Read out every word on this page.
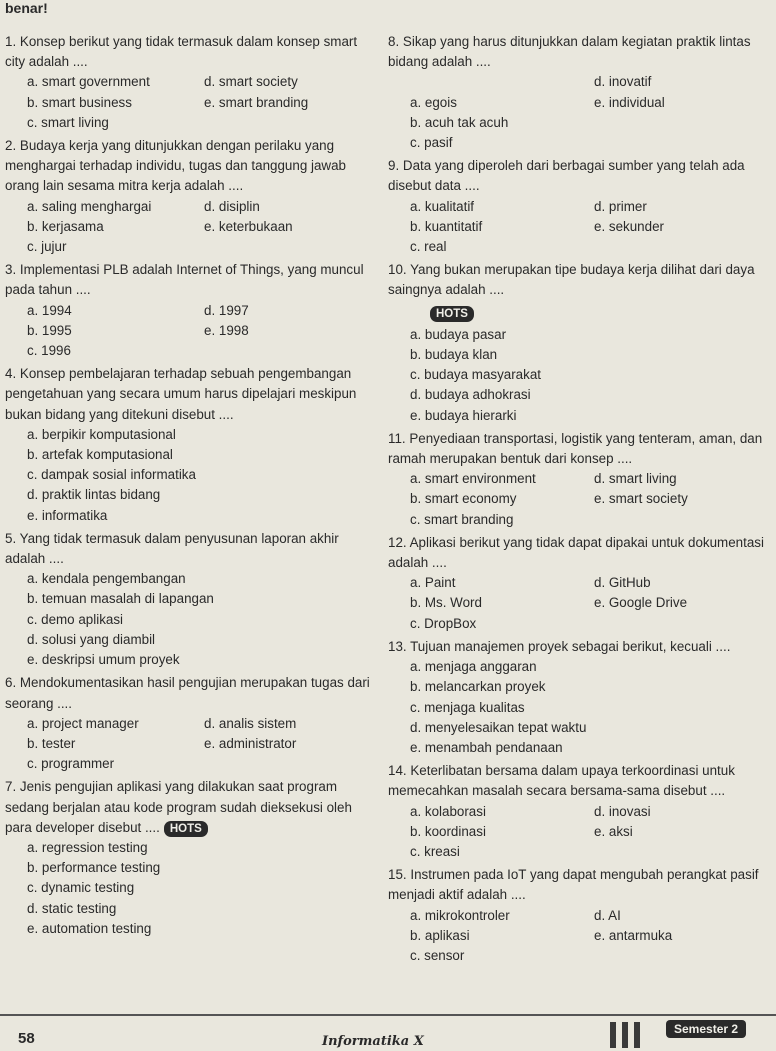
benar!
1. Konsep berikut yang tidak termasuk dalam konsep smart city adalah ....
a. smart government	d. smart society
b. smart business	e. smart branding
c. smart living
2. Budaya kerja yang ditunjukkan dengan perilaku yang menghargai terhadap individu, tugas dan tanggung jawab orang lain sesama mitra kerja adalah ....
a. saling menghargai	d. disiplin
b. kerjasama	e. keterbukaan
c. jujur
3. Implementasi PLB adalah Internet of Things, yang muncul pada tahun ....
a. 1994	d. 1997
b. 1995	e. 1998
c. 1996
4. Konsep pembelajaran terhadap sebuah pengembangan pengetahuan yang secara umum harus dipelajari meskipun bukan bidang yang ditekuni disebut ....
a. berpikir komputasional
b. artefak komputasional
c. dampak sosial informatika
d. praktik lintas bidang
e. informatika
5. Yang tidak termasuk dalam penyusunan laporan akhir adalah ....
a. kendala pengembangan
b. temuan masalah di lapangan
c. demo aplikasi
d. solusi yang diambil
e. deskripsi umum proyek
6. Mendokumentasikan hasil pengujian merupakan tugas dari seorang ....
a. project manager	d. analis sistem
b. tester	e. administrator
c. programmer
7. Jenis pengujian aplikasi yang dilakukan saat program sedang berjalan atau kode program sudah dieksekusi oleh para developer disebut .... HOTS
a. regression testing
b. performance testing
c. dynamic testing
d. static testing
e. automation testing
8. Sikap yang harus ditunjukkan dalam kegiatan praktik lintas bidang adalah ....
d. inovatif
a. egois	e. individual
b. acuh tak acuh
c. pasif
9. Data yang diperoleh dari berbagai sumber yang telah ada disebut data ....
a. kualitatif	d. primer
b. kuantitatif	e. sekunder
c. real
10. Yang bukan merupakan tipe budaya kerja dilihat dari daya saingnya adalah ....
HOTS
a. budaya pasar
b. budaya klan
c. budaya masyarakat
d. budaya adhokrasi
e. budaya hierarki
11. Penyediaan transportasi, logistik yang tenteram, aman, dan ramah merupakan bentuk dari konsep ....
a. smart environment	d. smart living
b. smart economy	e. smart society
c. smart branding
12. Aplikasi berikut yang tidak dapat dipakai untuk dokumentasi adalah ....
a. Paint	d. GitHub
b. Ms. Word	e. Google Drive
c. DropBox
13. Tujuan manajemen proyek sebagai berikut, kecuali ....
a. menjaga anggaran
b. melancarkan proyek
c. menjaga kualitas
d. menyelesaikan tepat waktu
e. menambah pendanaan
14. Keterlibatan bersama dalam upaya terkoordinasi untuk memecahkan masalah secara bersama-sama disebut ....
a. kolaborasi	d. inovasi
b. koordinasi	e. aksi
c. kreasi
15. Instrumen pada IoT yang dapat mengubah perangkat pasif menjadi aktif adalah ....
a. mikrokontroler	d. AI
b. aplikasi	e. antarmuka
c. sensor
58	Informatika X
Semester 2
